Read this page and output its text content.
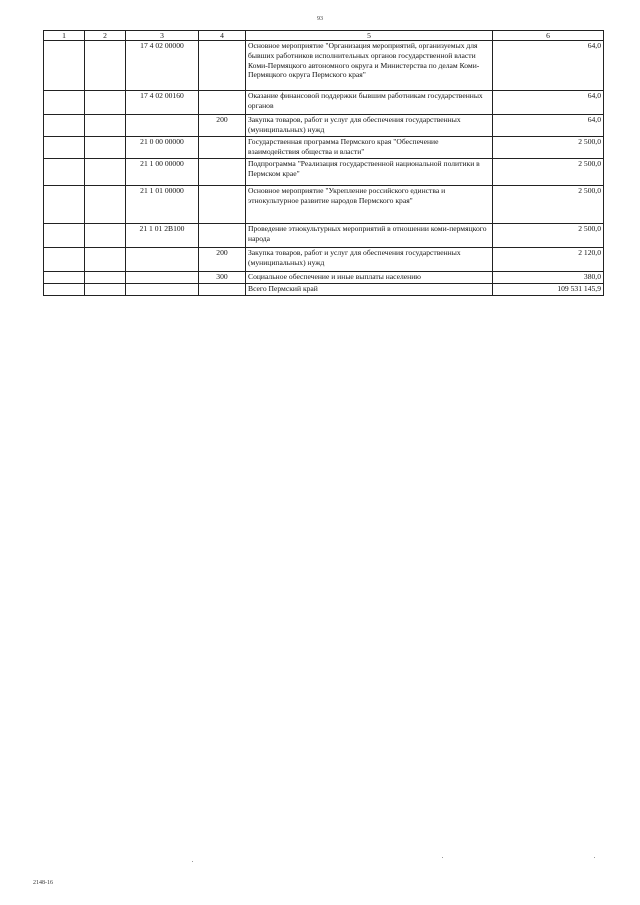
93
1	2	3	4	5	6
		17 4 02 00000		Основное мероприятие "Организация мероприятий, организуемых для бывших работников исполнительных органов государственной власти Коми-Пермяцкого автономного округа и Министерства по делам Коми-Пермяцкого округа Пермского края"	64,0
		17 4 02 00160		Оказание финансовой поддержки бывшим работникам государственных органов	64,0
			200	Закупка товаров, работ и услуг для обеспечения государственных (муниципальных) нужд	64,0
		21 0 00 00000		Государственная программа Пермского края "Обеспечение взаимодействия общества и власти"	2 500,0
		21 1 00 00000		Подпрограмма "Реализация государственной национальной политики в Пермском крае"	2 500,0
		21 1 01 00000		Основное мероприятие "Укрепление российского единства и этнокультурное развитие народов Пермского края"	2 500,0
		21 1 01 2В100		Проведение этнокультурных мероприятий в отношении коми-пермяцкого народа	2 500,0
			200	Закупка товаров, работ и услуг для обеспечения государственных (муниципальных) нужд	2 120,0
			300	Социальное обеспечение и иные выплаты населению	380,0
				Всего Пермский край	109 531 145,9
2148-16
